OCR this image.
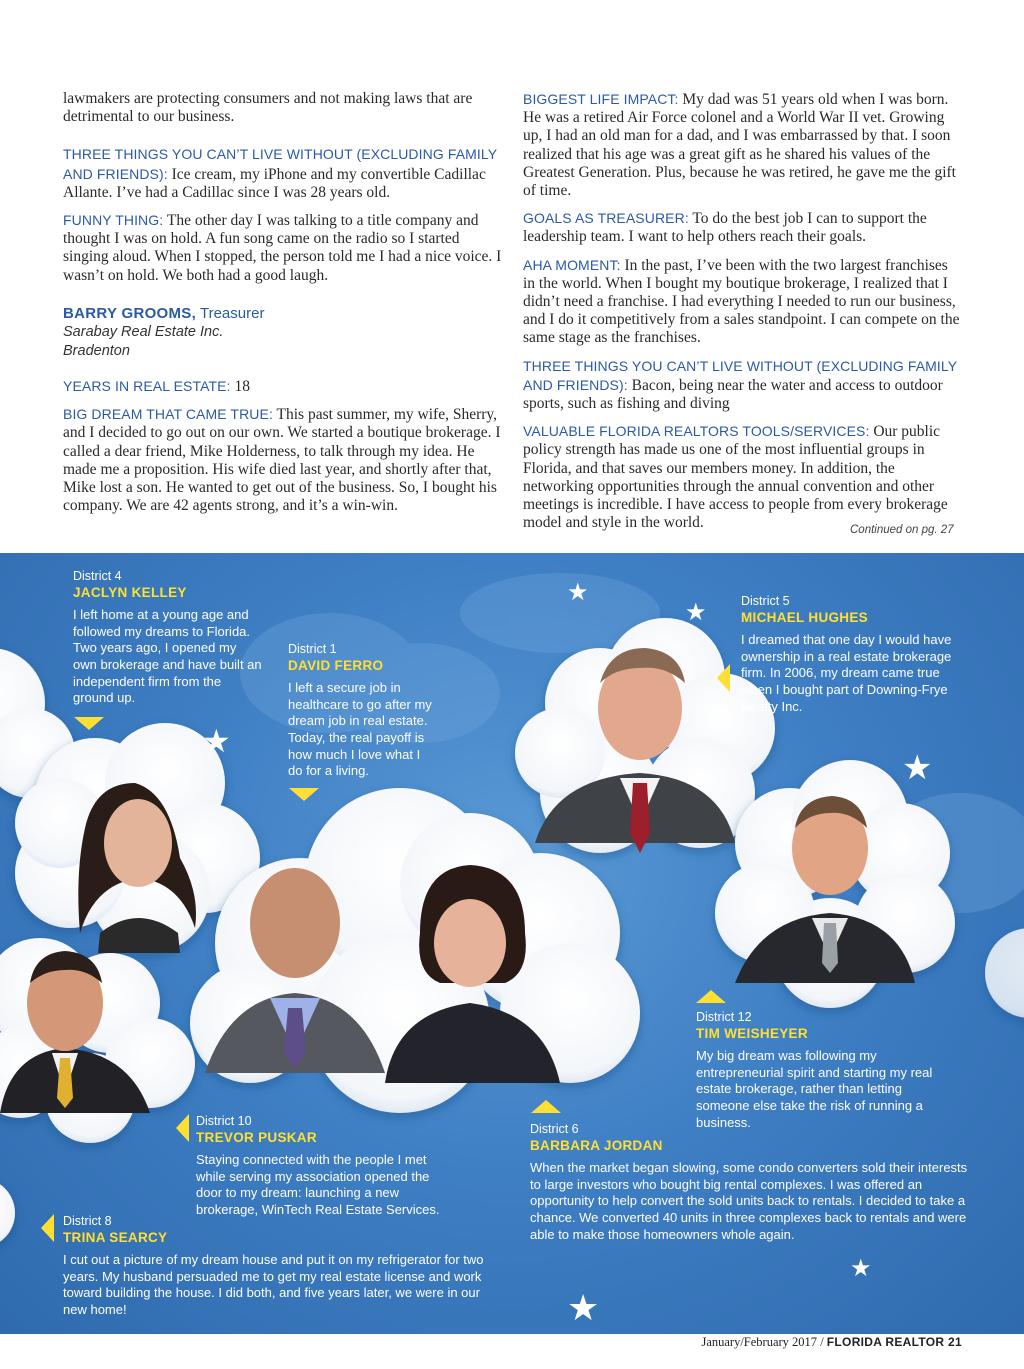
lawmakers are protecting consumers and not making laws that are detrimental to our business.

THREE THINGS YOU CAN’T LIVE WITHOUT (EXCLUDING FAMILY AND FRIENDS): Ice cream, my iPhone and my convertible Cadillac Allante. I’ve had a Cadillac since I was 28 years old.

FUNNY THING: The other day I was talking to a title company and thought I was on hold. A fun song came on the radio so I started singing aloud. When I stopped, the person told me I had a nice voice. I wasn’t on hold. We both had a good laugh.

BARRY GROOMS, Treasurer
Sarabay Real Estate Inc.
Bradenton

YEARS IN REAL ESTATE: 18

BIG DREAM THAT CAME TRUE: This past summer, my wife, Sherry, and I decided to go out on our own. We started a boutique brokerage. I called a dear friend, Mike Holderness, to talk through my idea. He made me a proposition. His wife died last year, and shortly after that, Mike lost a son. He wanted to get out of the business. So, I bought his company. We are 42 agents strong, and it’s a win-win.

BIGGEST LIFE IMPACT: My dad was 51 years old when I was born. He was a retired Air Force colonel and a World War II vet. Growing up, I had an old man for a dad, and I was embarrassed by that. I soon realized that his age was a great gift as he shared his values of the Greatest Generation. Plus, because he was retired, he gave me the gift of time.

GOALS AS TREASURER: To do the best job I can to support the leadership team. I want to help others reach their goals.

AHA MOMENT: In the past, I’ve been with the two largest franchises in the world. When I bought my boutique brokerage, I realized that I didn’t need a franchise. I had everything I needed to run our business, and I do it competitively from a sales standpoint. I can compete on the same stage as the franchises.

THREE THINGS YOU CAN’T LIVE WITHOUT (EXCLUDING FAMILY AND FRIENDS): Bacon, being near the water and access to outdoor sports, such as fishing and diving

VALUABLE FLORIDA REALTORS TOOLS/SERVICES: Our public policy strength has made us one of the most influential groups in Florida, and that saves our members money. In addition, the networking opportunities through the annual convention and other meetings is incredible. I have access to people from every brokerage model and style in the world.	Continued on pg. 27
★
★
★
★
★
★
District 4
JACLYN KELLEY
I left home at a young age and followed my dreams to Florida. Two years ago, I opened my own brokerage and have built an independent firm from the ground up.
District 1
DAVID FERRO
I left a secure job in healthcare to go after my dream job in real estate. Today, the real payoff is how much I love what I do for a living.
District 5
MICHAEL HUGHES
I dreamed that one day I would have ownership in a real estate brokerage firm. In 2006, my dream came true when I bought part of Downing-Frye Realty Inc.
District 12
TIM WEISHEYER
My big dream was following my entrepreneurial spirit and starting my real estate brokerage, rather than letting someone else take the risk of running a business.
District 10
TREVOR PUSKAR
Staying connected with the people I met while serving my association opened the door to my dream: launching a new brokerage, WinTech Real Estate Services.
District 6
BARBARA JORDAN
When the market began slowing, some condo converters sold their interests to large investors who bought big rental complexes. I was offered an opportunity to help convert the sold units back to rentals. I decided to take a chance. We converted 40 units in three complexes back to rentals and were able to make those homeowners whole again.
District 8
TRINA SEARCY
I cut out a picture of my dream house and put it on my refrigerator for two years. My husband persuaded me to get my real estate license and work toward building the house. I did both, and five years later, we were in our new home!
January/February 2017 / FLORIDA REALTOR 21
